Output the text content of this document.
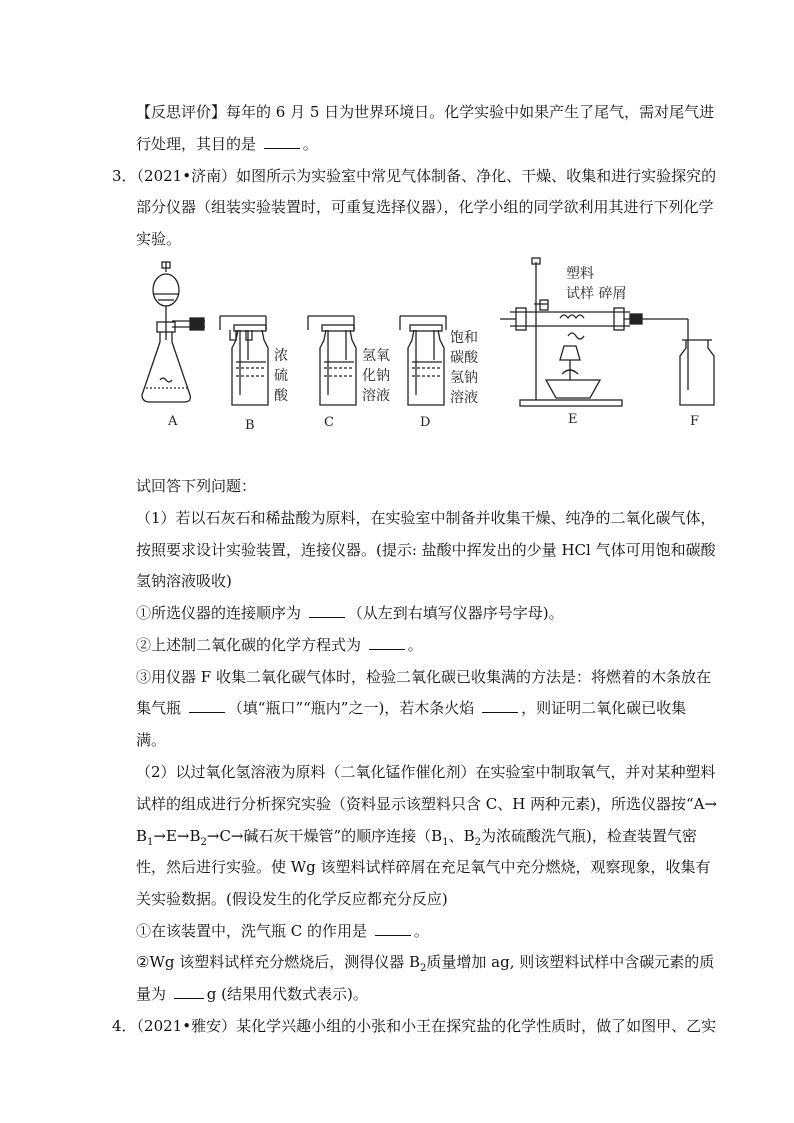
【反思评价】每年的 6 月 5 日为世界环境日。化学实验中如果产生了尾气，需对尾气进
行处理，其目的是	。
3．（2021•济南）如图所示为实验室中常见气体制备、净化、干燥、收集和进行实验探究的
部分仪器（组装实验装置时，可重复选择仪器），化学小组的同学欲利用其进行下列化学
实验。
A	B	C	D	E	F
浓
硫
酸
氢氧
化钠
溶液
饱和
碳酸
氢钠
溶液
塑料
试样 碎屑
试回答下列问题：
（1）若以石灰石和稀盐酸为原料，在实验室中制备并收集干燥、纯净的二氧化碳气体，
按照要求设计实验装置，连接仪器。(提示: 盐酸中挥发出的少量 HCl 气体可用饱和碳酸
氢钠溶液吸收)
①所选仪器的连接顺序为	（从左到右填写仪器序号字母)。
②上述制二氧化碳的化学方程式为	。
③用仪器 F 收集二氧化碳气体时，检验二氧化碳已收集满的方法是：将燃着的木条放在
集气瓶	（填“瓶口”“瓶内”之一)，若木条火焰	，则证明二氧化碳已收集
满。
（2）以过氧化氢溶液为原料（二氧化锰作催化剂）在实验室中制取氧气，并对某种塑料
试样的组成进行分析探究实验（资料显示该塑料只含 C、H 两种元素)，所选仪器按“A→
$B_1\to E\to B_2\to C\to$碱石灰干燥管”的顺序连接（$B_1$、$B_2$为浓硫酸洗气瓶)，检查装置气密
性，然后进行实验。使 Wg 该塑料试样碎屑在充足氧气中充分燃烧，观察现象，收集有
关实验数据。(假设发生的化学反应都充分反应)
①在该装置中，洗气瓶 C 的作用是	。
②Wg 该塑料试样充分燃烧后，测得仪器 $B_2$质量增加 ag, 则该塑料试样中含碳元素的质
量为 g (结果用代数式表示)。
4．（2021•雅安）某化学兴趣小组的小张和小王在探究盐的化学性质时，做了如图甲、乙实
